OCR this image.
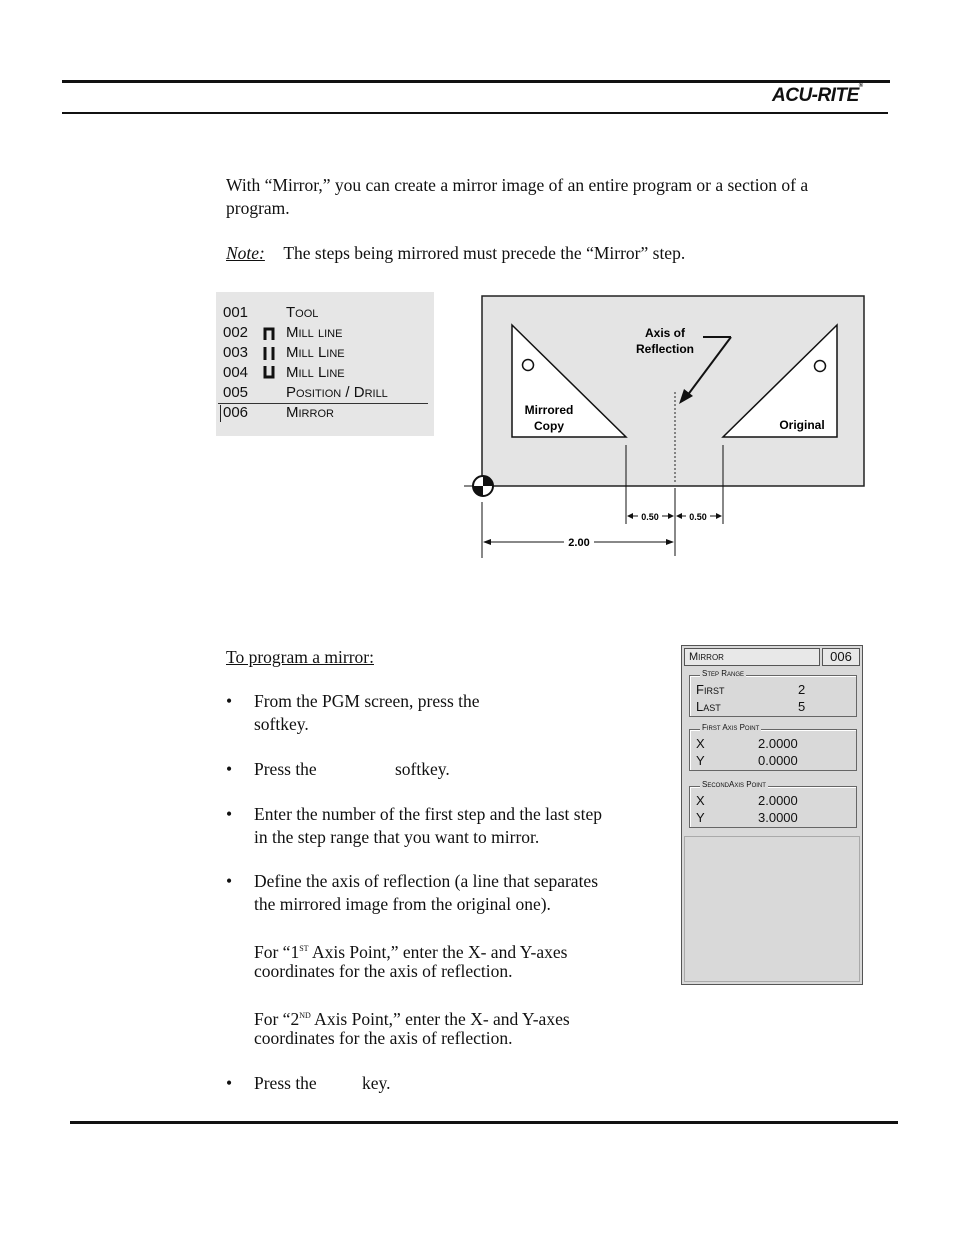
ACU-RITE®
With “Mirror,” you can create a mirror image of an entire program or a section of a
program.
Note: The steps being mirrored must precede the “Mirror” step.
001	Tool
002	Mill line
003	Mill Line
004	Mill Line
005	Position / Drill
006	Mirror
Axis of
Reflection
Mirrored
Copy	Original
0.50	0.50
2.00
To program a mirror:
• From the PGM screen, press the
softkey.
• Press the	softkey.
• Enter the number of the first step and the last step
in the step range that you want to mirror.
• Define the axis of reflection (a line that separates
the mirrored image from the original one).
For “1ST Axis Point,” enter the X- and Y-axes
coordinates for the axis of reflection.
For “2ND Axis Point,” enter the X- and Y-axes
coordinates for the axis of reflection.
• Press the	key.
Mirror	006
Step Range
First	2
Last	5
First Axis Point
X	2.0000
Y	0.0000
SecondAxis Point
X	2.0000
Y	3.0000
